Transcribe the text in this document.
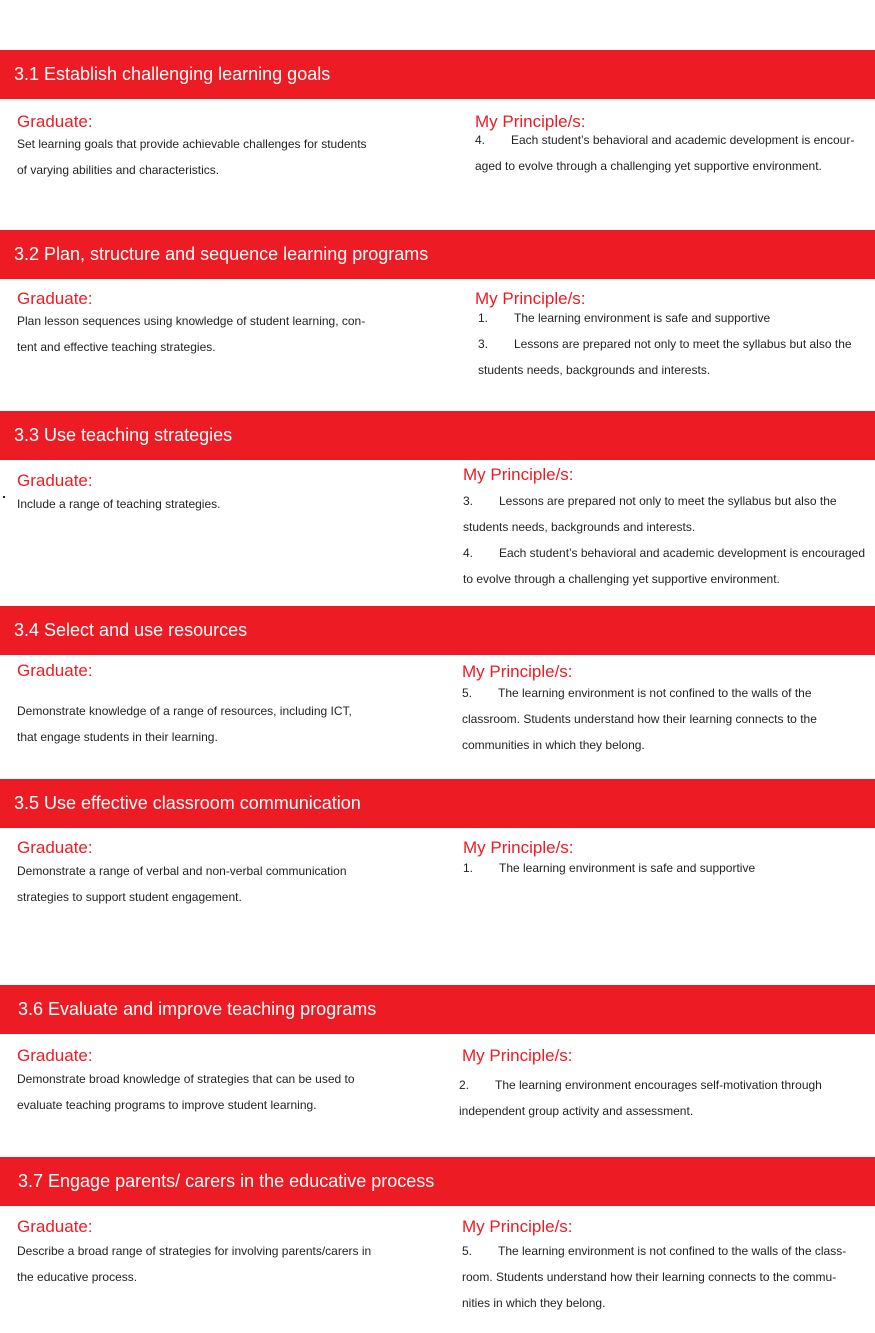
3.1 Establish challenging learning goals
Graduate:
Set learning goals that provide achievable challenges for students
of varying abilities and characteristics.
My Principle/s:
4. Each student’s behavioral and academic development is encour-
aged to evolve through a challenging yet supportive environment.
3.2 Plan, structure and sequence learning programs
Graduate:
Plan lesson sequences using knowledge of student learning, con-
tent and effective teaching strategies.
My Principle/s:
1. The learning environment is safe and supportive
3. Lessons are prepared not only to meet the syllabus but also the
students needs, backgrounds and interests.
3.3 Use teaching strategies
Graduate:
Include a range of teaching strategies.
My Principle/s:
3. Lessons are prepared not only to meet the syllabus but also the
students needs, backgrounds and interests.
4. Each student’s behavioral and academic development is encouraged
to evolve through a challenging yet supportive environment.
3.4 Select and use resources
Graduate:
Demonstrate knowledge of a range of resources, including ICT,
that engage students in their learning.
My Principle/s:
5. The learning environment is not confined to the walls of the
classroom. Students understand how their learning connects to the
communities in which they belong.
3.5 Use effective classroom communication
Graduate:
Demonstrate a range of verbal and non-verbal communication
strategies to support student engagement.
My Principle/s:
1. The learning environment is safe and supportive
3.6 Evaluate and improve teaching programs
Graduate:
Demonstrate broad knowledge of strategies that can be used to
evaluate teaching programs to improve student learning.
My Principle/s:
2. The learning environment encourages self-motivation through
independent group activity and assessment.
3.7 Engage parents/ carers in the educative process
Graduate:
Describe a broad range of strategies for involving parents/carers in
the educative process.
My Principle/s:
5. The learning environment is not confined to the walls of the class-
room. Students understand how their learning connects to the commu-
nities in which they belong.
